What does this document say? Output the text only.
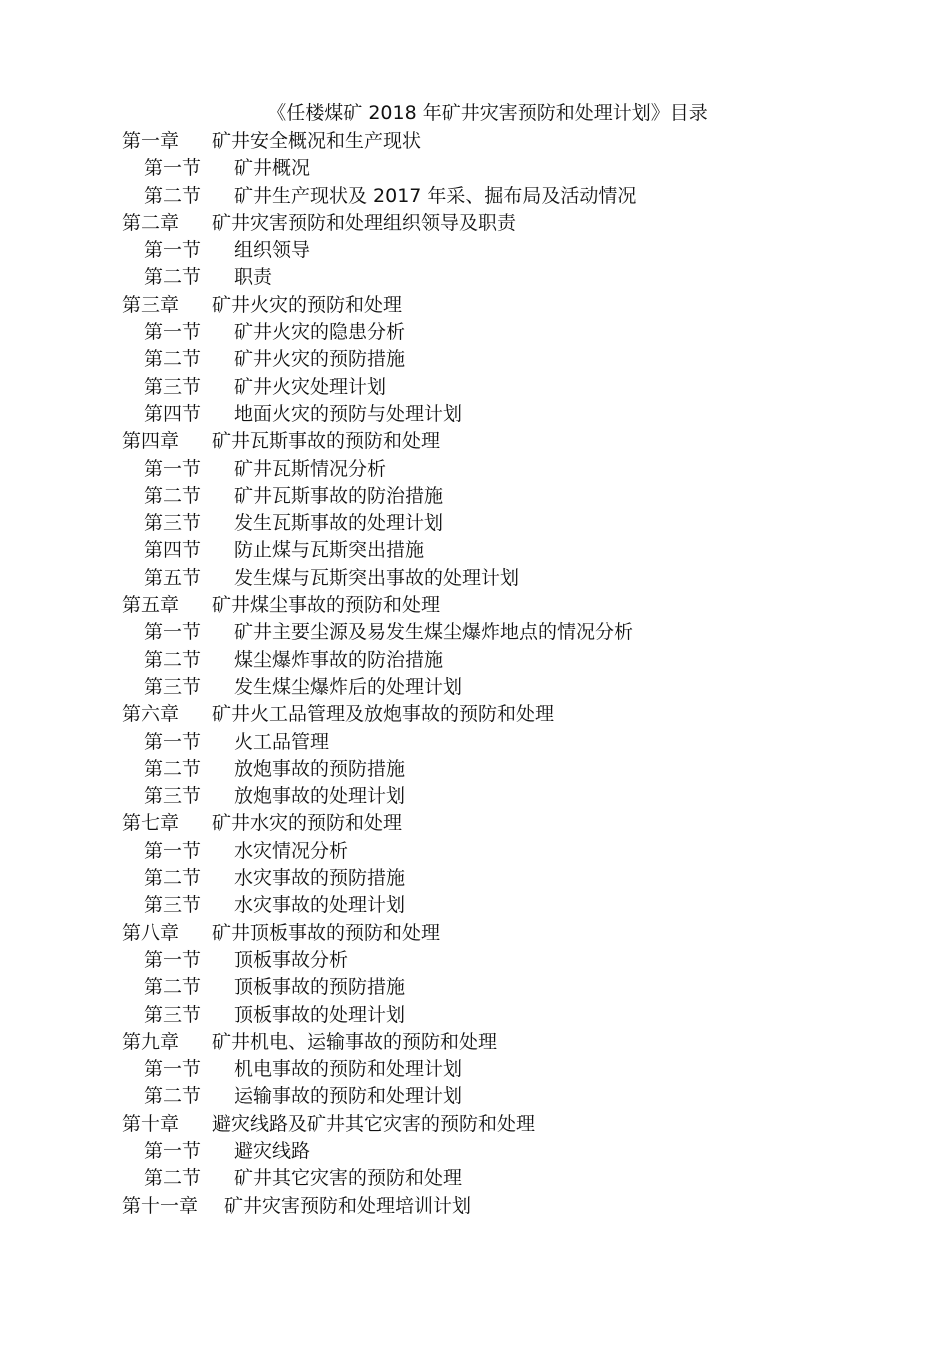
《任楼煤矿 2018 年矿井灾害预防和处理计划》目录
第一章	矿井安全概况和生产现状
第一节	矿井概况
第二节	矿井生产现状及 2017 年采、掘布局及活动情况
第二章	矿井灾害预防和处理组织领导及职责
第一节	组织领导
第二节	职责
第三章	矿井火灾的预防和处理
第一节	矿井火灾的隐患分析
第二节	矿井火灾的预防措施
第三节	矿井火灾处理计划
第四节	地面火灾的预防与处理计划
第四章	矿井瓦斯事故的预防和处理
第一节	矿井瓦斯情况分析
第二节	矿井瓦斯事故的防治措施
第三节	发生瓦斯事故的处理计划
第四节	防止煤与瓦斯突出措施
第五节	发生煤与瓦斯突出事故的处理计划
第五章	矿井煤尘事故的预防和处理
第一节	矿井主要尘源及易发生煤尘爆炸地点的情况分析
第二节	煤尘爆炸事故的防治措施
第三节	发生煤尘爆炸后的处理计划
第六章	矿井火工品管理及放炮事故的预防和处理
第一节	火工品管理
第二节	放炮事故的预防措施
第三节	放炮事故的处理计划
第七章	矿井水灾的预防和处理
第一节	水灾情况分析
第二节	水灾事故的预防措施
第三节	水灾事故的处理计划
第八章	矿井顶板事故的预防和处理
第一节	顶板事故分析
第二节	顶板事故的预防措施
第三节	顶板事故的处理计划
第九章	矿井机电、运输事故的预防和处理
第一节	机电事故的预防和处理计划
第二节	运输事故的预防和处理计划
第十章	避灾线路及矿井其它灾害的预防和处理
第一节	避灾线路
第二节	矿井其它灾害的预防和处理
第十一章	矿井灾害预防和处理培训计划
